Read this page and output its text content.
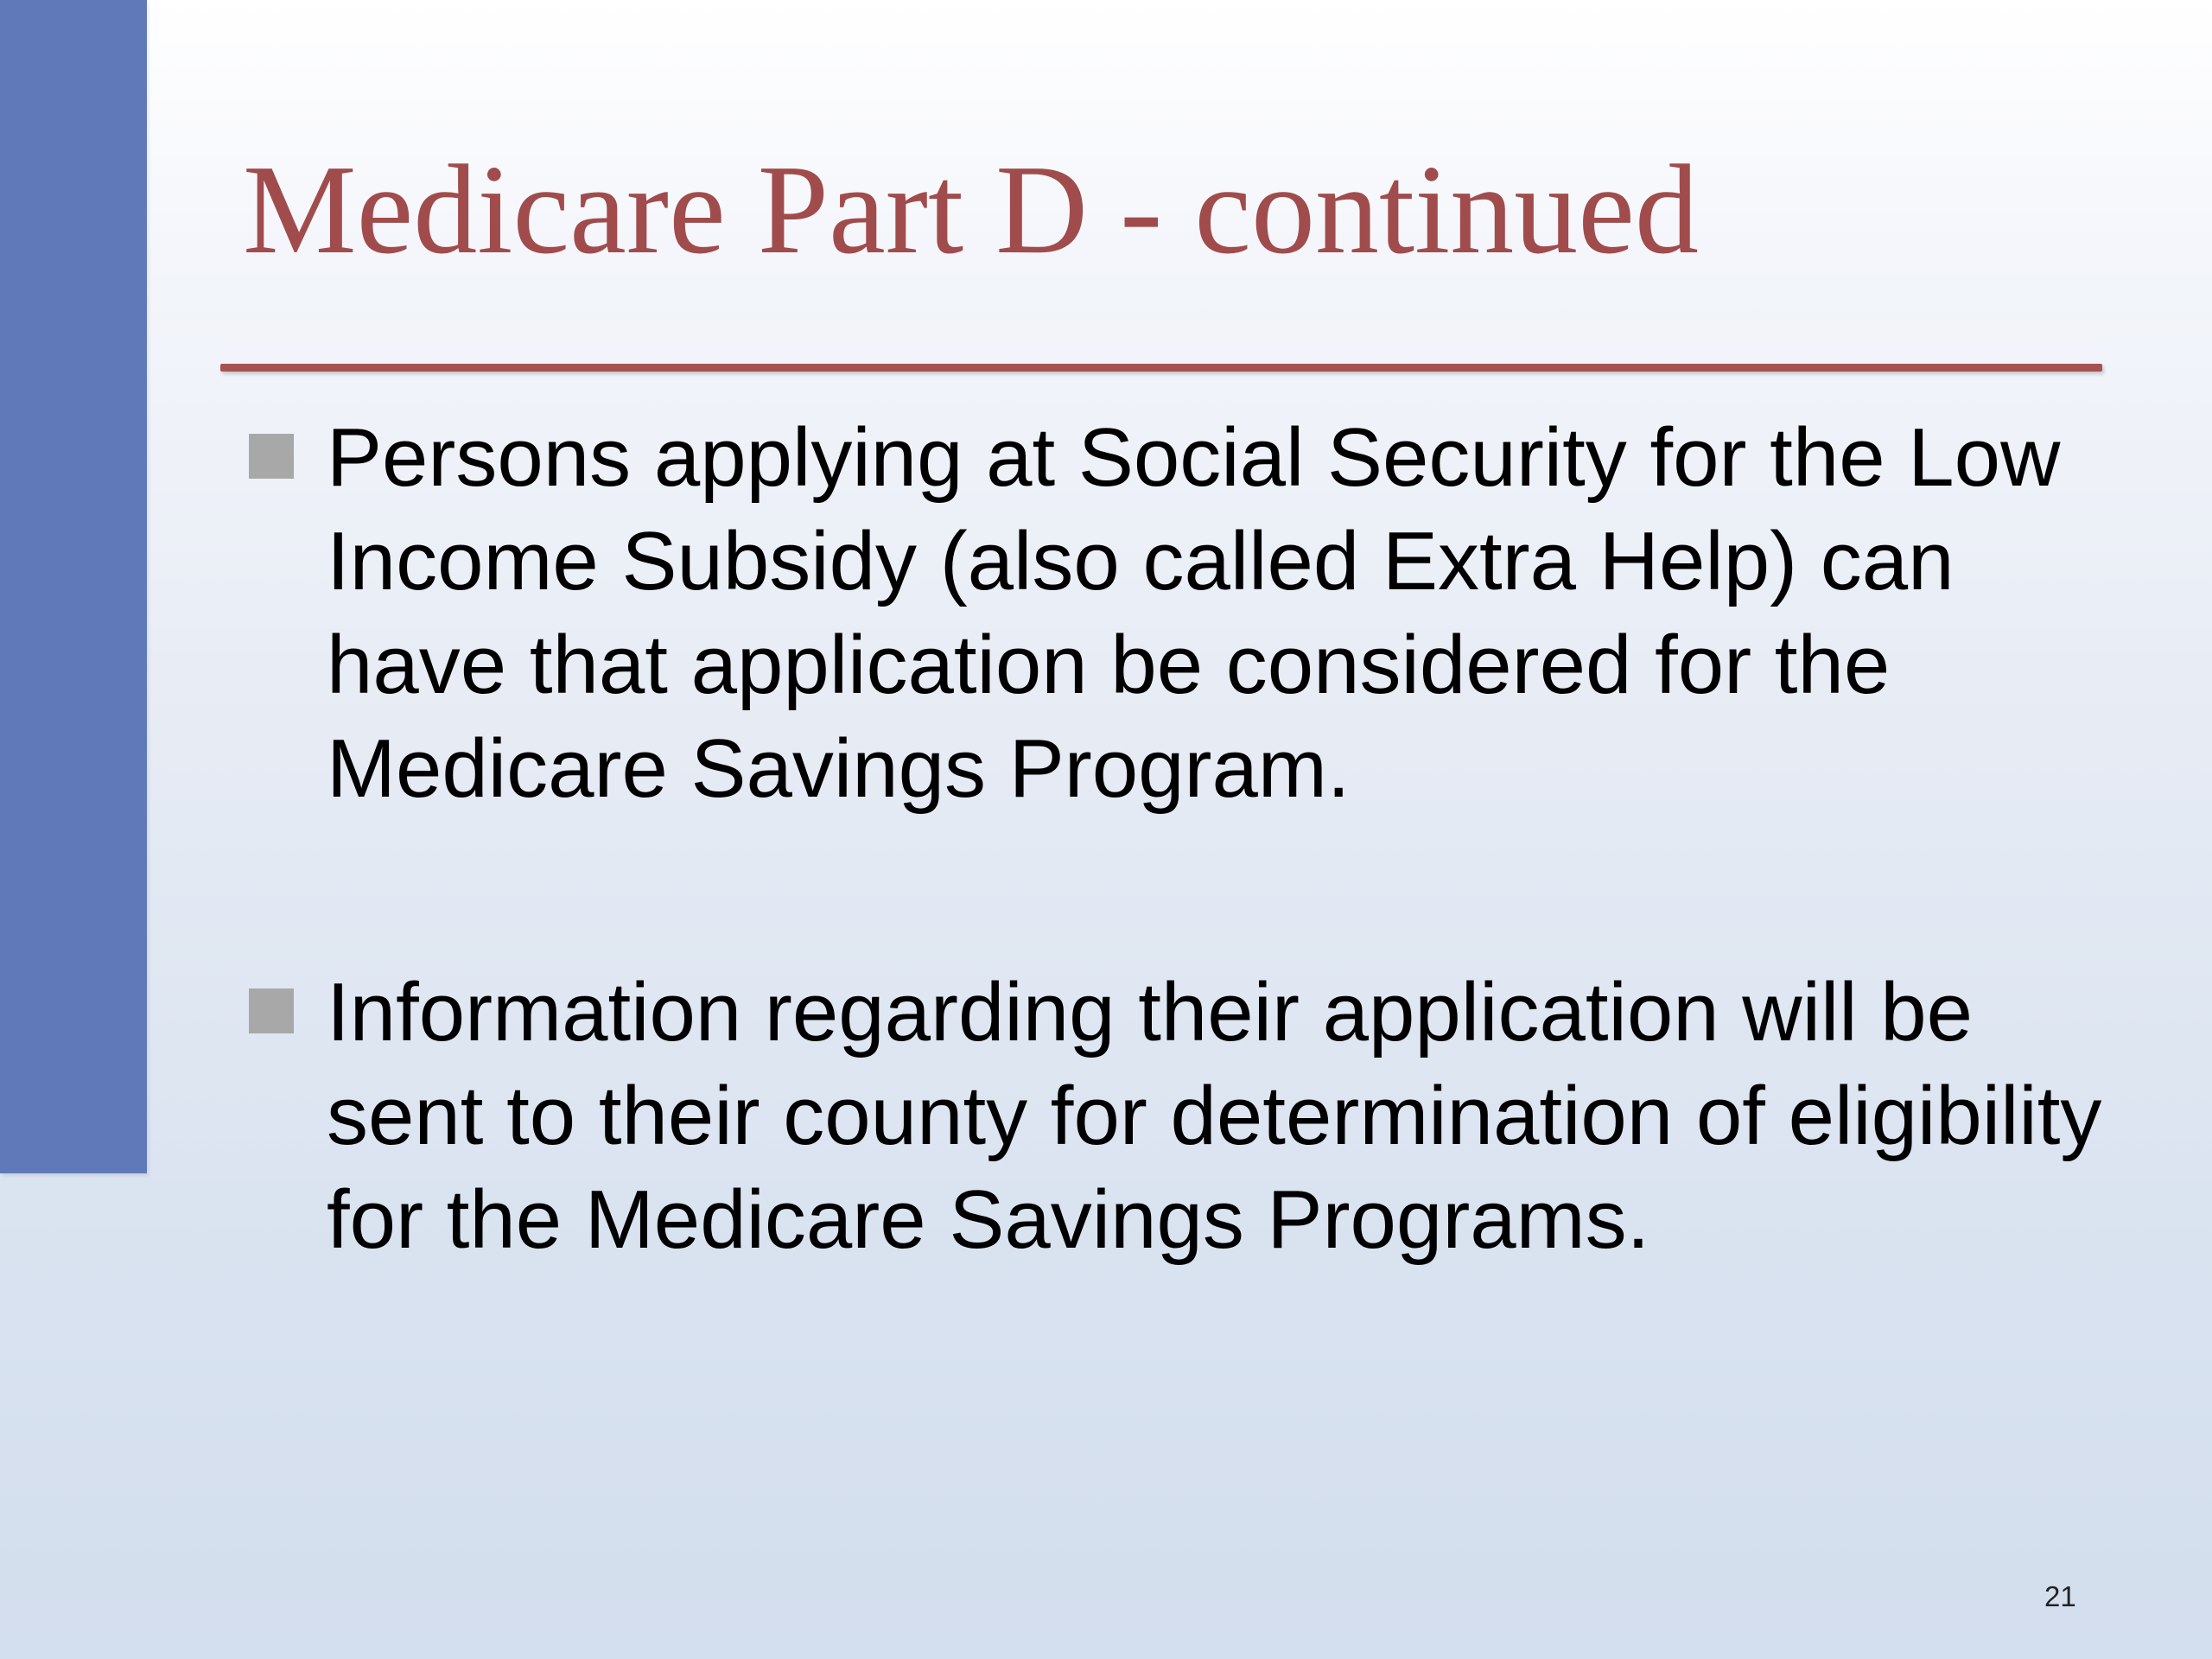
Medicare Part D - continued
Persons applying at Social Security for the Low Income Subsidy (also called Extra Help) can have that application be considered for the Medicare Savings Program.
Information regarding their application will be sent to their county for determination of eligibility for the Medicare Savings Programs.
21
